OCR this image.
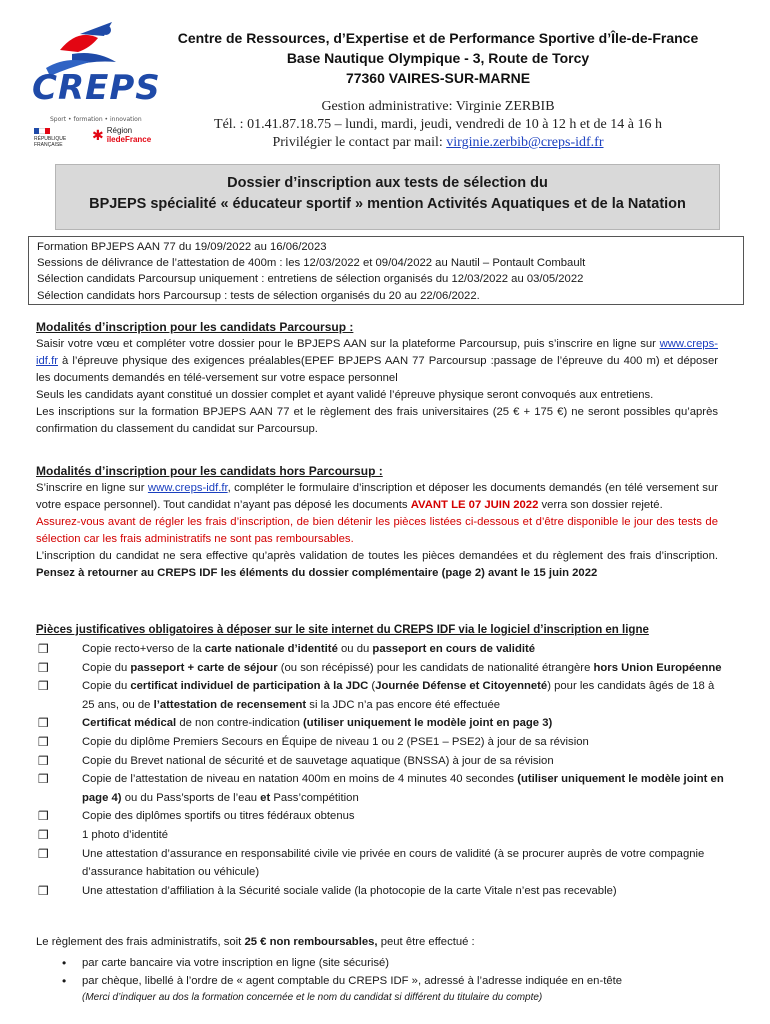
CREPS
Sport • formation • innovation
RÉPUBLIQUE FRANÇAISE
✱ Région
îledeFrance
Centre de Ressources, d’Expertise et de Performance Sportive d’Île-de-France
Base Nautique Olympique - 3, Route de Torcy
77360 VAIRES-SUR-MARNE
Gestion administrative: Virginie ZERBIB
Tél. : 01.41.87.18.75 – lundi, mardi, jeudi, vendredi de 10 à 12 h et de 14 à 16 h
Privilégier le contact par mail: virginie.zerbib@creps-idf.fr
Dossier d’inscription aux tests de sélection du
BPJEPS spécialité « éducateur sportif » mention Activités Aquatiques et de la Natation
Formation BPJEPS AAN 77 du 19/09/2022 au 16/06/2023
Sessions de délivrance de l’attestation de 400m : les 12/03/2022 et 09/04/2022 au Nautil – Pontault Combault
Sélection candidats Parcoursup uniquement : entretiens de sélection organisés du 12/03/2022 au 03/05/2022
Sélection candidats hors Parcoursup : tests de sélection organisés du 20 au 22/06/2022.
Modalités d’inscription pour les candidats Parcoursup :

Saisir votre vœu et compléter votre dossier pour le BPJEPS AAN sur la plateforme Parcoursup, puis s’inscrire en ligne sur www.creps-idf.fr à l’épreuve physique des exigences préalables(EPEF BPJEPS AAN 77 Parcoursup :passage de l’épreuve du 400 m) et déposer les documents demandés en télé-versement sur votre espace personnel

Seuls les candidats ayant constitué un dossier complet et ayant validé l’épreuve physique seront convoqués aux entretiens.

Les inscriptions sur la formation BPJEPS AAN 77 et le règlement des frais universitaires (25 € + 175 €) ne seront possibles qu’après confirmation du classement du candidat sur Parcoursup.

Modalités d’inscription pour les candidats hors Parcoursup :

S’inscrire en ligne sur www.creps-idf.fr, compléter le formulaire d’inscription et déposer les documents demandés (en télé versement sur votre espace personnel). Tout candidat n’ayant pas déposé les documents AVANT LE 07 JUIN 2022 verra son dossier rejeté.

Assurez-vous avant de régler les frais d’inscription, de bien détenir les pièces listées ci-dessous et d’être disponible le jour des tests de sélection car les frais administratifs ne sont pas remboursables.

L’inscription du candidat ne sera effective qu’après validation de toutes les pièces demandées et du règlement des frais d’inscription. Pensez à retourner au CREPS IDF les éléments du dossier complémentaire (page 2) avant le 15 juin 2022

Pièces justificatives obligatoires à déposer sur le site internet du CREPS IDF via le logiciel d’inscription en ligne
❒	Copie recto+verso de la carte nationale d’identité ou du passeport en cours de validité
❒	Copie du passeport + carte de séjour (ou son récépissé) pour les candidats de nationalité étrangère hors Union Européenne
❒	Copie du certificat individuel de participation à la JDC (Journée Défense et Citoyenneté) pour les candidats âgés de 18 à 25 ans, ou de l’attestation de recensement si la JDC n’a pas encore été effectuée
❒	Certificat médical de non contre-indication (utiliser uniquement le modèle joint en page 3)
❒	Copie du diplôme Premiers Secours en Équipe de niveau 1 ou 2 (PSE1 – PSE2) à jour de sa révision
❒	Copie du Brevet national de sécurité et de sauvetage aquatique (BNSSA) à jour de sa révision
❒	Copie de l’attestation de niveau en natation 400m en moins de 4 minutes 40 secondes (utiliser uniquement le modèle joint en page 4) ou du Pass’sports de l’eau et Pass’compétition
❒	Copie des diplômes sportifs ou titres fédéraux obtenus
❒	1 photo d’identité
❒	Une attestation d’assurance en responsabilité civile vie privée en cours de validité (à se procurer auprès de votre compagnie d’assurance habitation ou véhicule)
❒	Une attestation d’affiliation à la Sécurité sociale valide (la photocopie de la carte Vitale n’est pas recevable)

Le règlement des frais administratifs, soit 25 € non remboursables, peut être effectué :

• par carte bancaire via votre inscription en ligne (site sécurisé)
• par chèque, libellé à l’ordre de « agent comptable du CREPS IDF », adressé à l’adresse indiquée en en-tête

(Merci d’indiquer au dos la formation concernée et le nom du candidat si différent du titulaire du compte)
